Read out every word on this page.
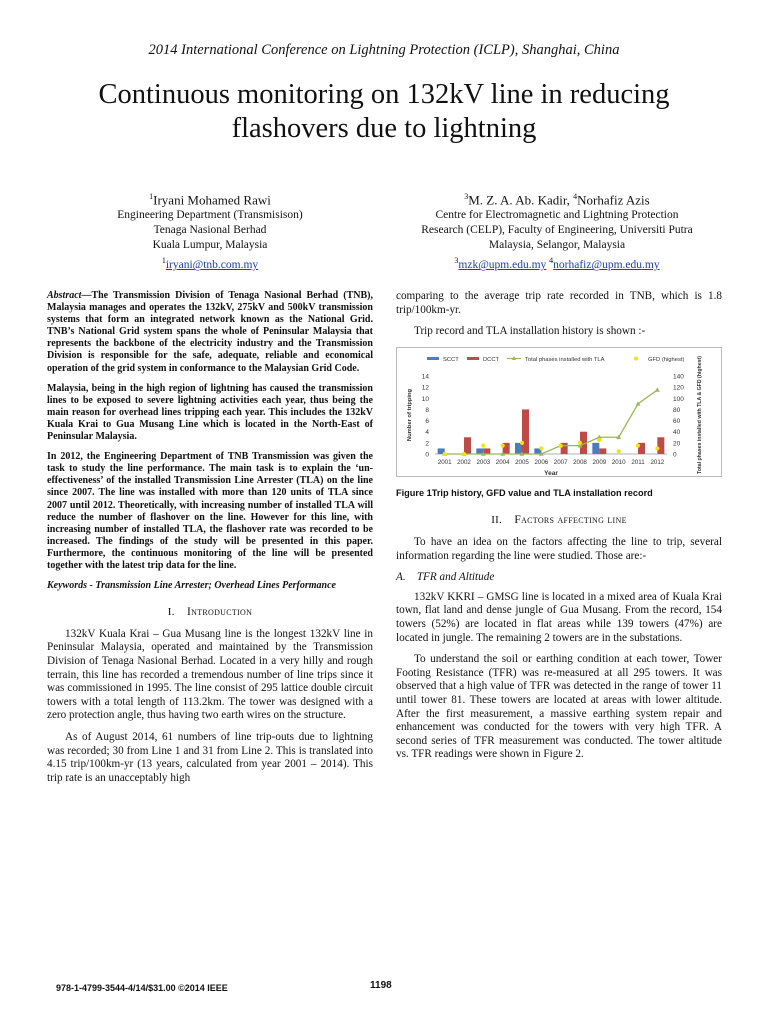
2014 International Conference on Lightning Protection (ICLP), Shanghai, China
Continuous monitoring on 132kV line in reducing
flashovers due to lightning
$^1$Iryani Mohamed Rawi
Engineering Department (Transmisison)
Tenaga Nasional Berhad
Kuala Lumpur, Malaysia
$^1$iryani@tnb.com.my
$^3$M. Z. A. Ab. Kadir, $^4$Norhafiz Azis
Centre for Electromagnetic and Lightning Protection
Research (CELP), Faculty of Engineering, Universiti Putra
Malaysia, Selangor, Malaysia
$^3$mzk@upm.edu.my $^4$norhafiz@upm.edu.my

Abstract—The Transmission Division of Tenaga Nasional Berhad (TNB), Malaysia manages and operates the 132kV, 275kV and 500kV transmission systems that form an integrated network known as the National Grid. TNB’s National Grid system spans the whole of Peninsular Malaysia that represents the backbone of the electricity industry and the Transmission Division is responsible for the safe, adequate, reliable and economical operation of the grid system in conformance to the Malaysian Grid Code.

Malaysia, being in the high region of lightning has caused the transmission lines to be exposed to severe lightning activities each year, thus being the main reason for overhead lines tripping each year. This includes the 132kV Kuala Krai to Gua Musang Line which is located in the North-East of Peninsular Malaysia.

In 2012, the Engineering Department of TNB Transmission was given the task to study the line performance. The main task is to explain the ‘un-effectiveness’ of the installed Transmission Line Arrester (TLA) on the line since 2007. The line was installed with more than 120 units of TLA since 2007 until 2012. Theoretically, with increasing number of installed TLA will reduce the number of flashover on the line. However for this line, with increasing number of installed TLA, the flashover rate was recorded to be increased. The findings of the study will be presented in this paper. Furthermore, the continuous monitoring of the line will be presented together with the latest trip data for the line.

Keywords - Transmission Line Arrester; Overhead Lines Performance

I. Introduction

132kV Kuala Krai – Gua Musang line is the longest 132kV line in Peninsular Malaysia, operated and maintained by the Transmission Division of Tenaga Nasional Berhad. Located in a very hilly and rough terrain, this line has recorded a tremendous number of line trips since it was commissioned in 1995. The line consist of 295 lattice double circuit towers with a total length of 113.2km. The tower was designed with a zero protection angle, thus having two earth wires on the structure.

As of August 2014, 61 numbers of line trip-outs due to lightning was recorded; 30 from Line 1 and 31 from Line 2. This is translated into 4.15 trip/100km-yr (13 years, calculated from year 2001 – 2014). This trip rate is an unacceptably high

comparing to the average trip rate recorded in TNB, which is 1.8 trip/100km-yr.

Trip record and TLA installation history is shown :-

0
2
4
6
8
10
12
14
0
20
40
60
80
100
120
140
2001 2002 2003 2004 2005 2006 2007 2008 2009 2010 2011 2012
Year
Number of tripping	Total phases installed with TLA & GFD (highest)
SCCT	DCCT	Total phases installed with TLA	GFD (highest)
Figure 1Trip history, GFD value and TLA installation record
II. Factors affecting line

To have an idea on the factors affecting the line to trip, several information regarding the line were studied. Those are:-

A.    TFR and Altitude

132kV KKRI – GMSG line is located in a mixed area of Kuala Krai town, flat land and dense jungle of Gua Musang. From the record, 154 towers (52%) are located in flat areas while 139 towers (47%) are located in jungle. The remaining 2 towers are in the substations.

To understand the soil or earthing condition at each tower, Tower Footing Resistance (TFR) was re-measured at all 295 towers. It was observed that a high value of TFR was detected in the range of tower 11 until tower 81. These towers are located at areas with lower altitude. After the first measurement, a massive earthing system repair and enhancement was conducted for the towers with very high TFR. A second series of TFR measurement was conducted. The tower altitude vs. TFR readings were shown in Figure 2.

978-1-4799-3544-4/14/$31.00 ©2014 IEEE	1198
